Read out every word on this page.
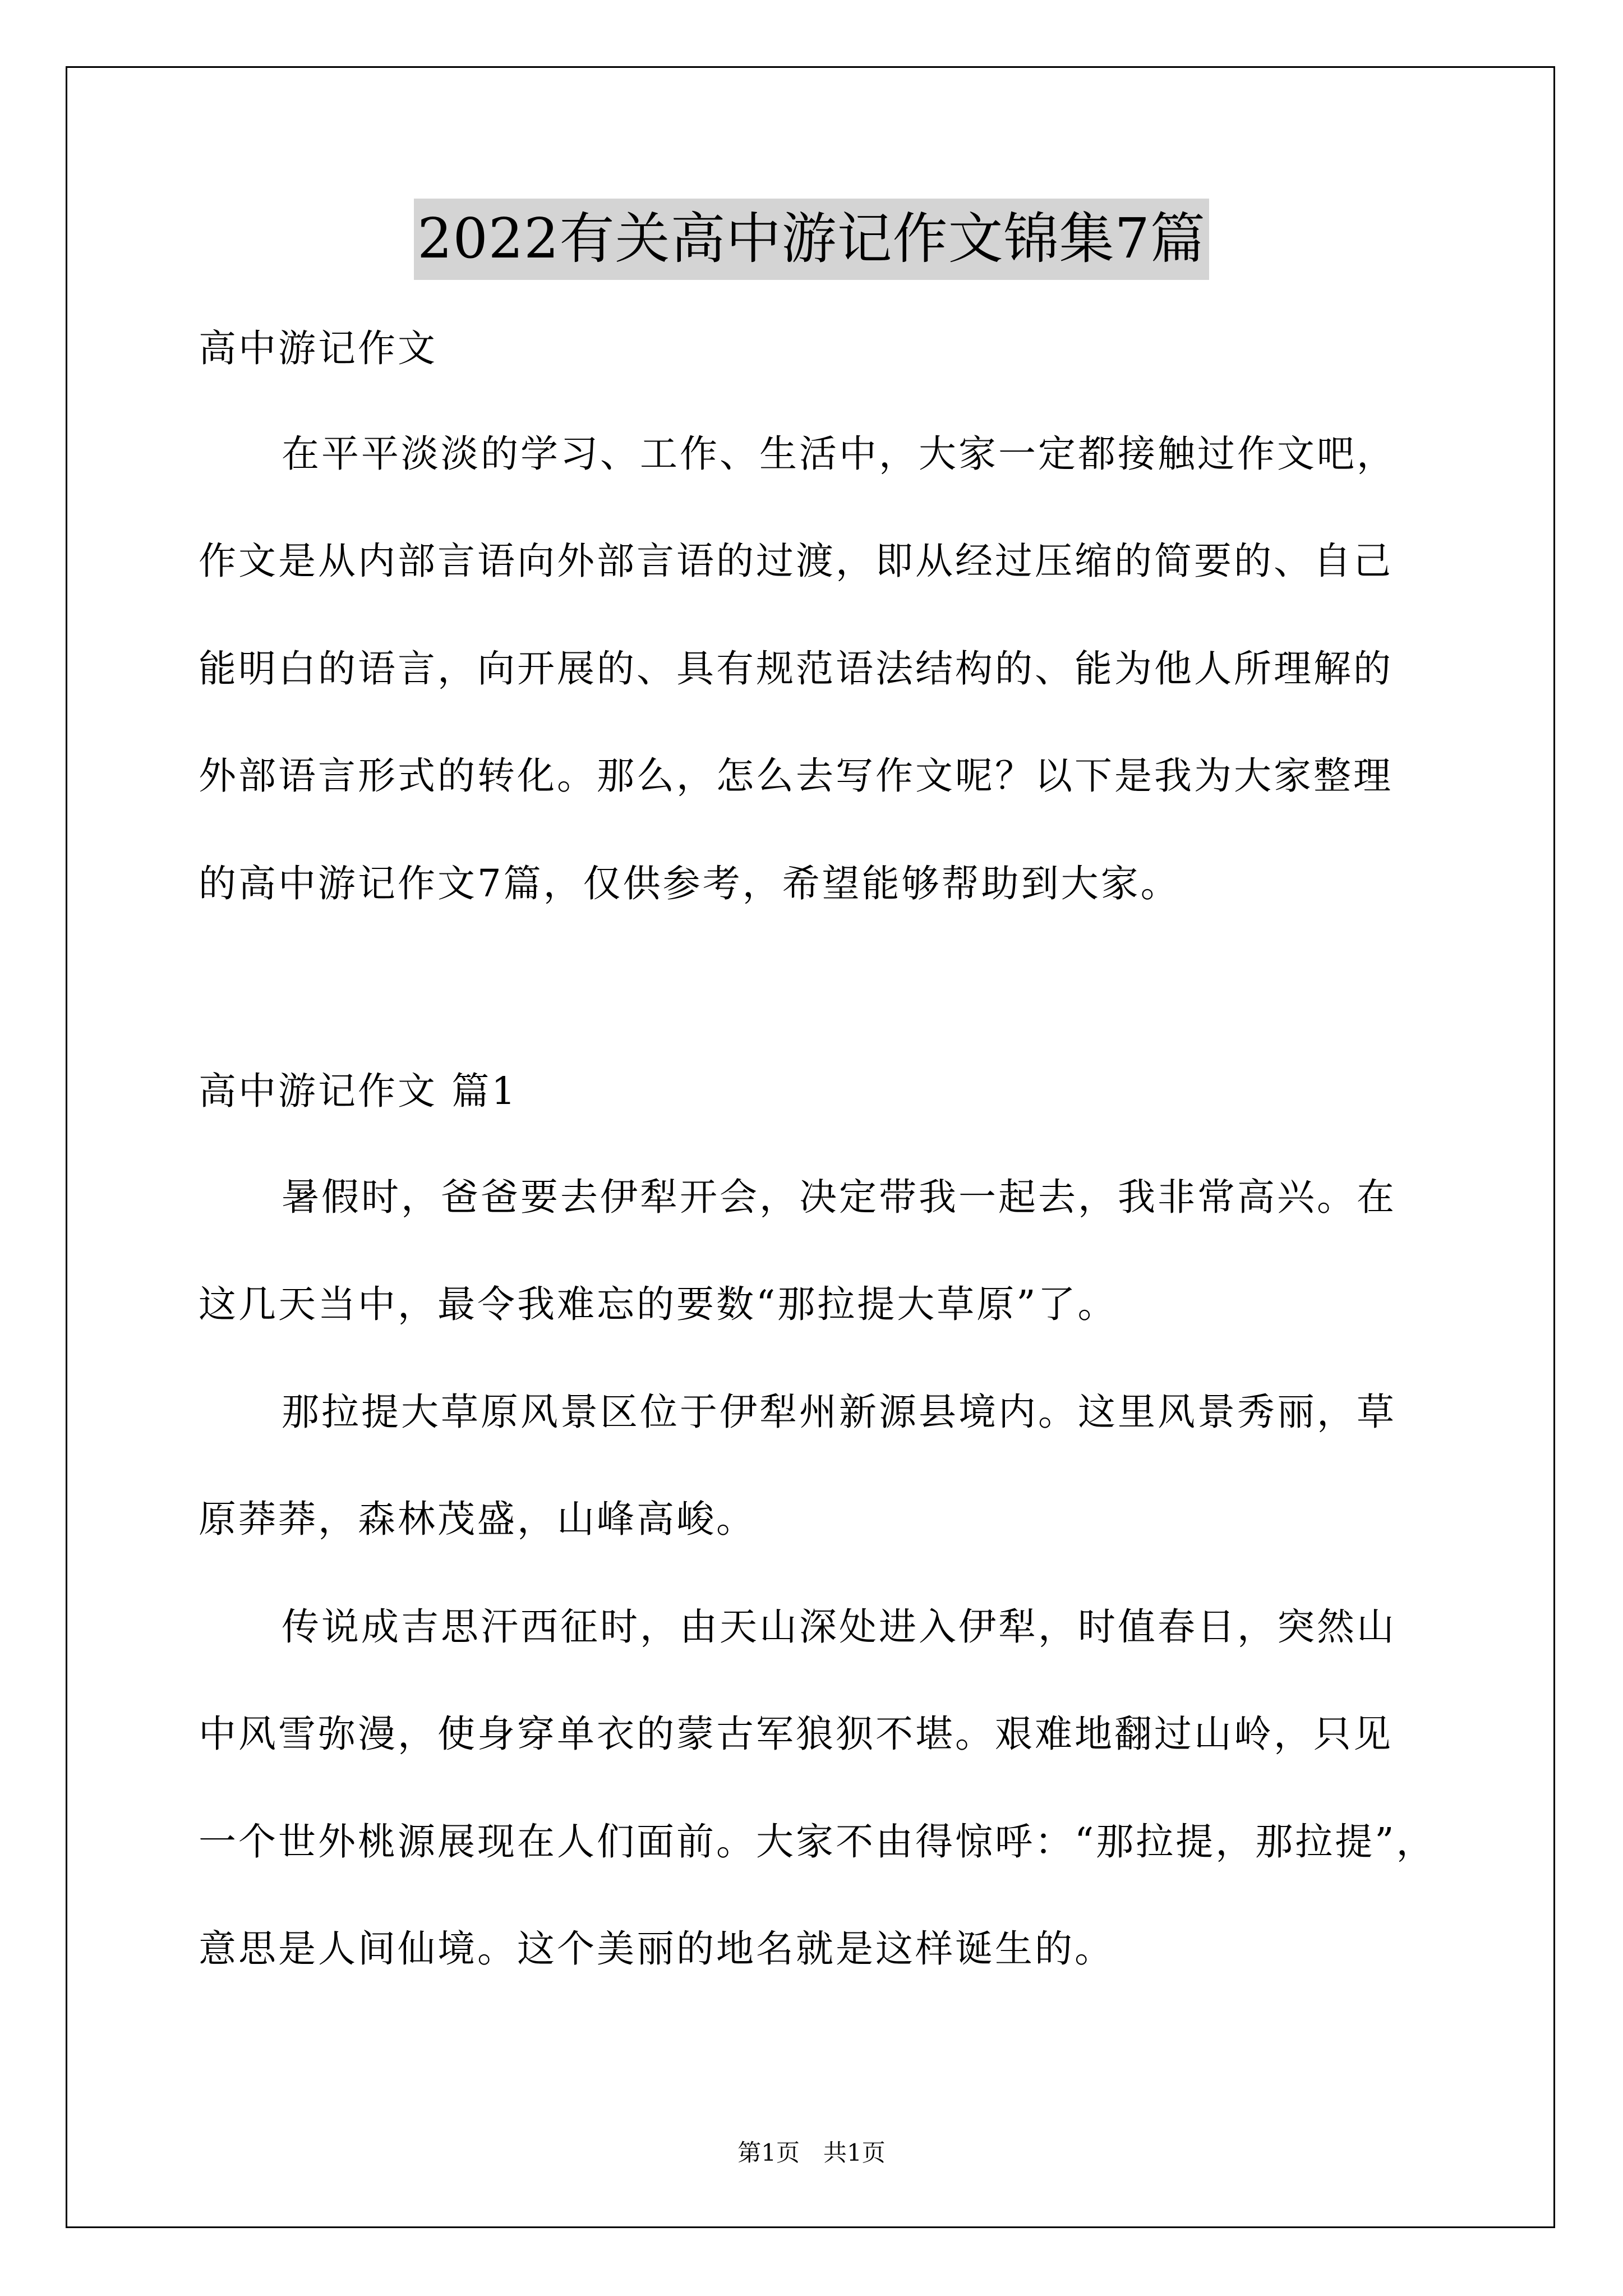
2022有关高中游记作文锦集7篇
高中游记作文
在平平淡淡的学习、工作、生活中，大家一定都接触过作文吧，
作文是从内部言语向外部言语的过渡，即从经过压缩的简要的、自己
能明白的语言，向开展的、具有规范语法结构的、能为他人所理解的
外部语言形式的转化。那么，怎么去写作文呢？以下是我为大家整理
的高中游记作文7篇，仅供参考，希望能够帮助到大家。
高中游记作文 篇1
暑假时，爸爸要去伊犁开会，决定带我一起去，我非常高兴。在
这几天当中，最令我难忘的要数“那拉提大草原”了。
那拉提大草原风景区位于伊犁州新源县境内。这里风景秀丽，草
原莽莽，森林茂盛，山峰高峻。
传说成吉思汗西征时，由天山深处进入伊犁，时值春日，突然山
中风雪弥漫，使身穿单衣的蒙古军狼狈不堪。艰难地翻过山岭，只见
一个世外桃源展现在人们面前。大家不由得惊呼：“那拉提，那拉提”，
意思是人间仙境。这个美丽的地名就是这样诞生的。
第1页 共1页
